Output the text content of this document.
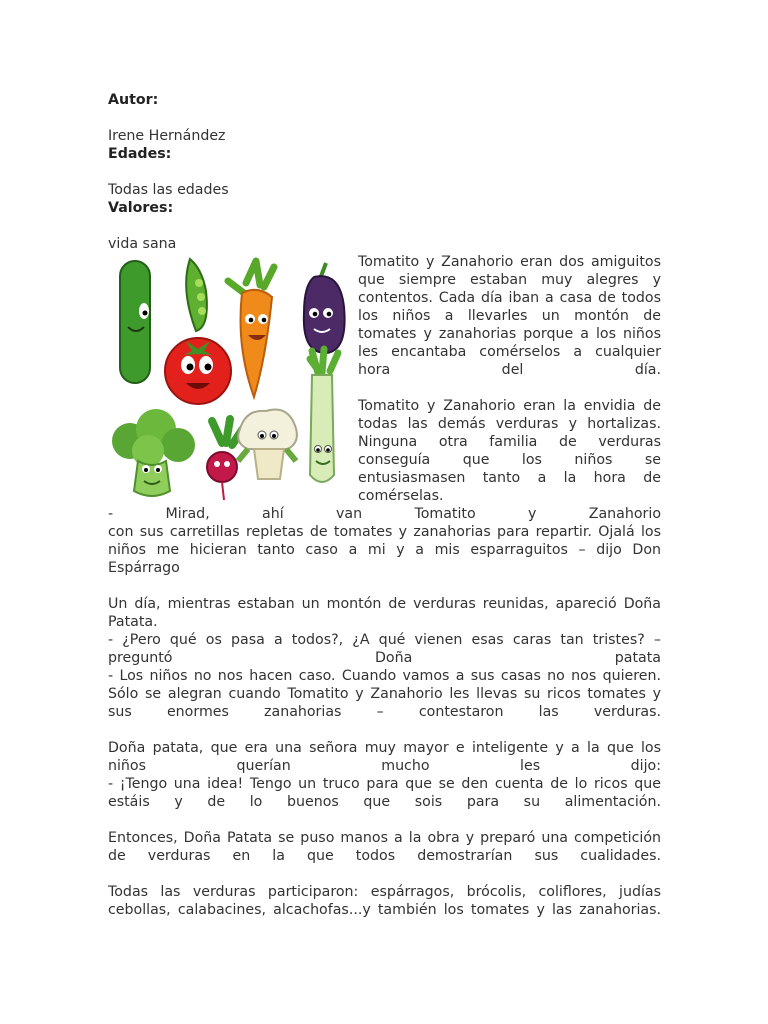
Autor:
Irene Hernández
Edades:
Todas las edades
Valores:
vida sana
Tomatito y Zanahorio eran dos amiguitos
que siempre estaban muy alegres y
contentos. Cada día iban a casa de todos
los niños a llevarles un montón de
tomates y zanahorias porque a los niños
les encantaba comérselos a cualquier
hora del día.
Tomatito y Zanahorio eran la envidia de
todas las demás verduras y hortalizas.
Ninguna otra familia de verduras
conseguía que los niños se
entusiasmasen tanto a la hora de
comérselas.
- Mirad, ahí van Tomatito y Zanahorio
con sus carretillas repletas de tomates y zanahorias para repartir. Ojalá los
niños me hicieran tanto caso a mi y a mis esparraguitos – dijo Don
Espárrago
Un día, mientras estaban un montón de verduras reunidas, apareció Doña
Patata.
- ¿Pero qué os pasa a todos?, ¿A qué vienen esas caras tan tristes? –
preguntó Doña patata
- Los niños no nos hacen caso. Cuando vamos a sus casas no nos quieren.
Sólo se alegran cuando Tomatito y Zanahorio les llevas su ricos tomates y
sus enormes zanahorias – contestaron las verduras.
Doña patata, que era una señora muy mayor e inteligente y a la que los
niños querían mucho les dijo:
- ¡Tengo una idea! Tengo un truco para que se den cuenta de lo ricos que
estáis y de lo buenos que sois para su alimentación.
Entonces, Doña Patata se puso manos a la obra y preparó una competición
de verduras en la que todos demostrarían sus cualidades.
Todas las verduras participaron: espárragos, brócolis, coliflores, judías
cebollas, calabacines, alcachofas...y también los tomates y las zanahorias.
